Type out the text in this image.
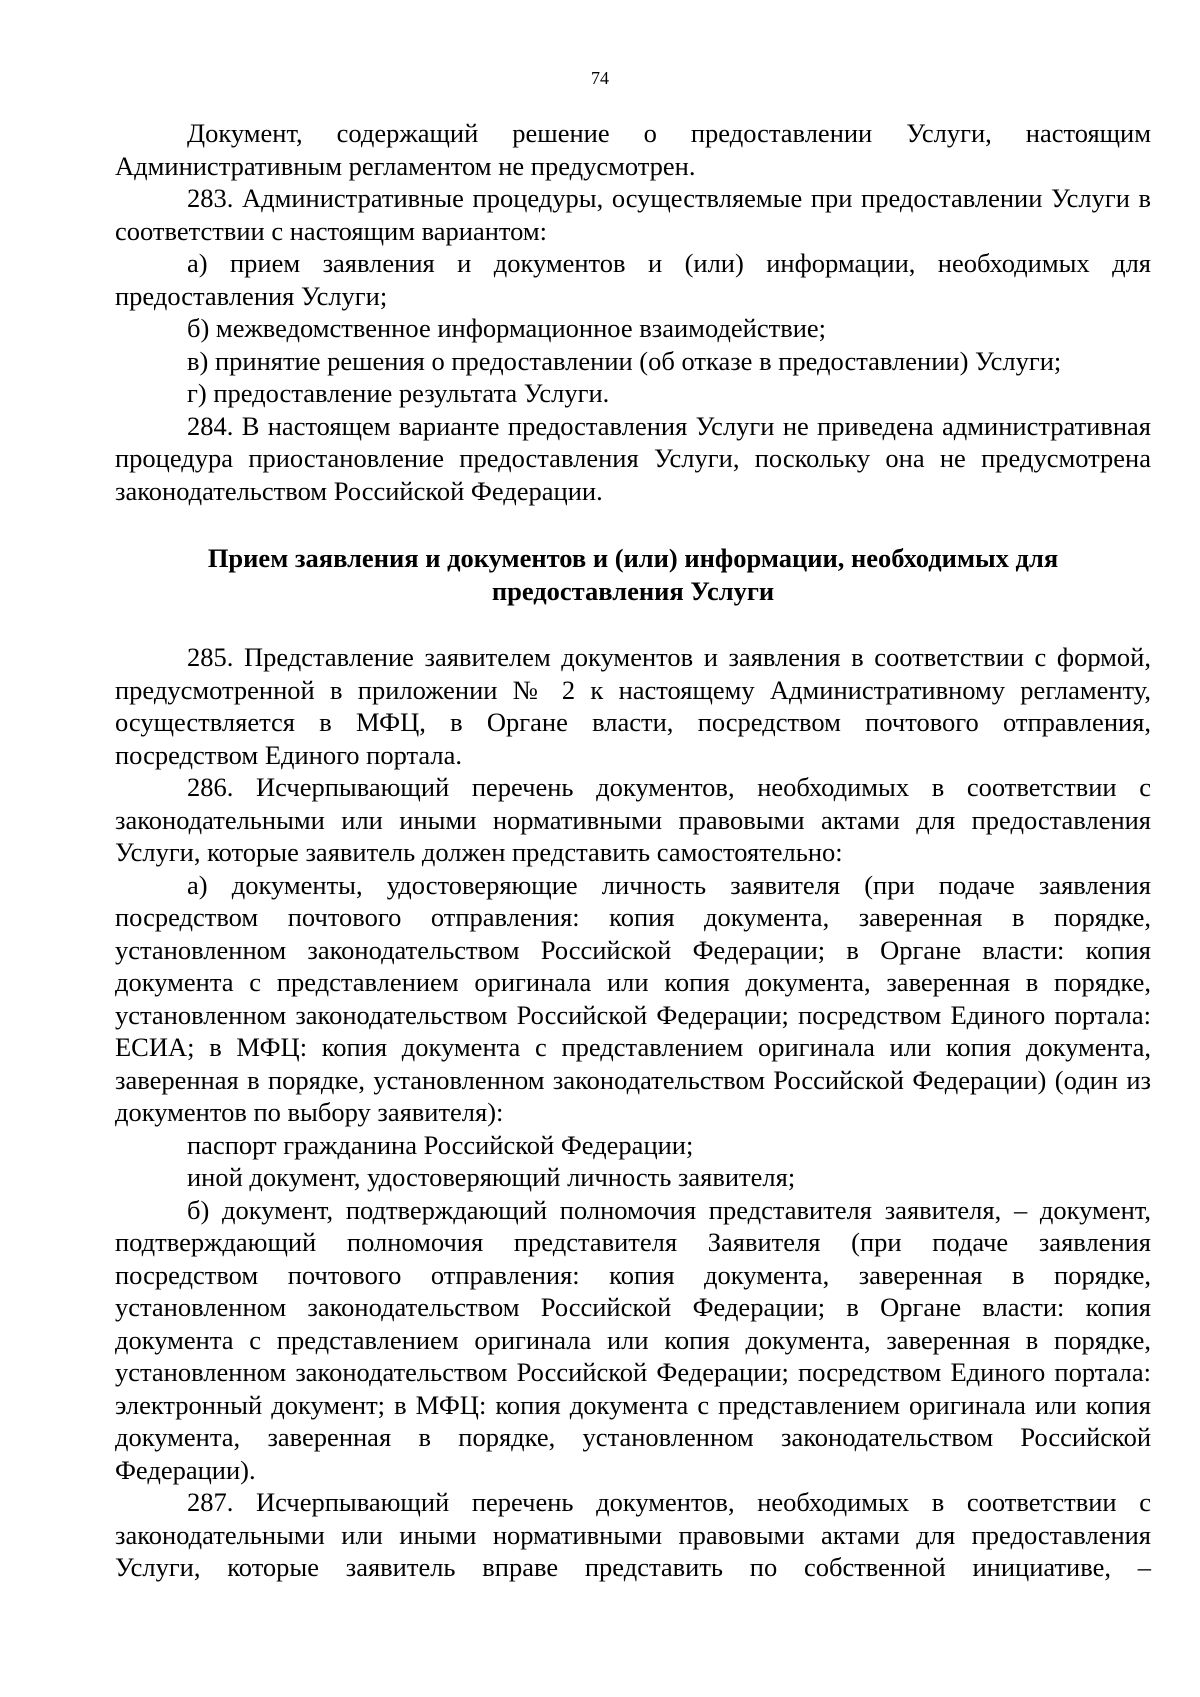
74

Документ, содержащий решение о предоставлении Услуги, настоящим Административным регламентом не предусмотрен.

283. Административные процедуры, осуществляемые при предоставлении Услуги в соответствии с настоящим вариантом:

а) прием заявления и документов и (или) информации, необходимых для предоставления Услуги;

б) межведомственное информационное взаимодействие;

в) принятие решения о предоставлении (об отказе в предоставлении) Услуги;

г) предоставление результата Услуги.

284. В настоящем варианте предоставления Услуги не приведена административная процедура приостановление предоставления Услуги, поскольку она не предусмотрена законодательством Российской Федерации.

Прием заявления и документов и (или) информации, необходимых для предоставления Услуги

285. Представление заявителем документов и заявления в соответствии с формой, предусмотренной в приложении № 2 к настоящему Административному регламенту, осуществляется в МФЦ, в Органе власти, посредством почтового отправления, посредством Единого портала.

286. Исчерпывающий перечень документов, необходимых в соответствии с законодательными или иными нормативными правовыми актами для предоставления Услуги, которые заявитель должен представить самостоятельно:

а) документы, удостоверяющие личность заявителя (при подаче заявления посредством почтового отправления: копия документа, заверенная в порядке, установленном законодательством Российской Федерации; в Органе власти: копия документа с представлением оригинала или копия документа, заверенная в порядке, установленном законодательством Российской Федерации; посредством Единого портала: ЕСИА; в МФЦ: копия документа с представлением оригинала или копия документа, заверенная в порядке, установленном законодательством Российской Федерации) (один из документов по выбору заявителя):

паспорт гражданина Российской Федерации;

иной документ, удостоверяющий личность заявителя;

б) документ, подтверждающий полномочия представителя заявителя, – документ, подтверждающий полномочия представителя Заявителя (при подаче заявления посредством почтового отправления: копия документа, заверенная в порядке, установленном законодательством Российской Федерации; в Органе власти: копия документа с представлением оригинала или копия документа, заверенная в порядке, установленном законодательством Российской Федерации; посредством Единого портала: электронный документ; в МФЦ: копия документа с представлением оригинала или копия документа, заверенная в порядке, установленном законодательством Российской Федерации).

287. Исчерпывающий перечень документов, необходимых в соответствии с законодательными или иными нормативными правовыми актами для предоставления Услуги, которые заявитель вправе представить по собственной инициативе, –
